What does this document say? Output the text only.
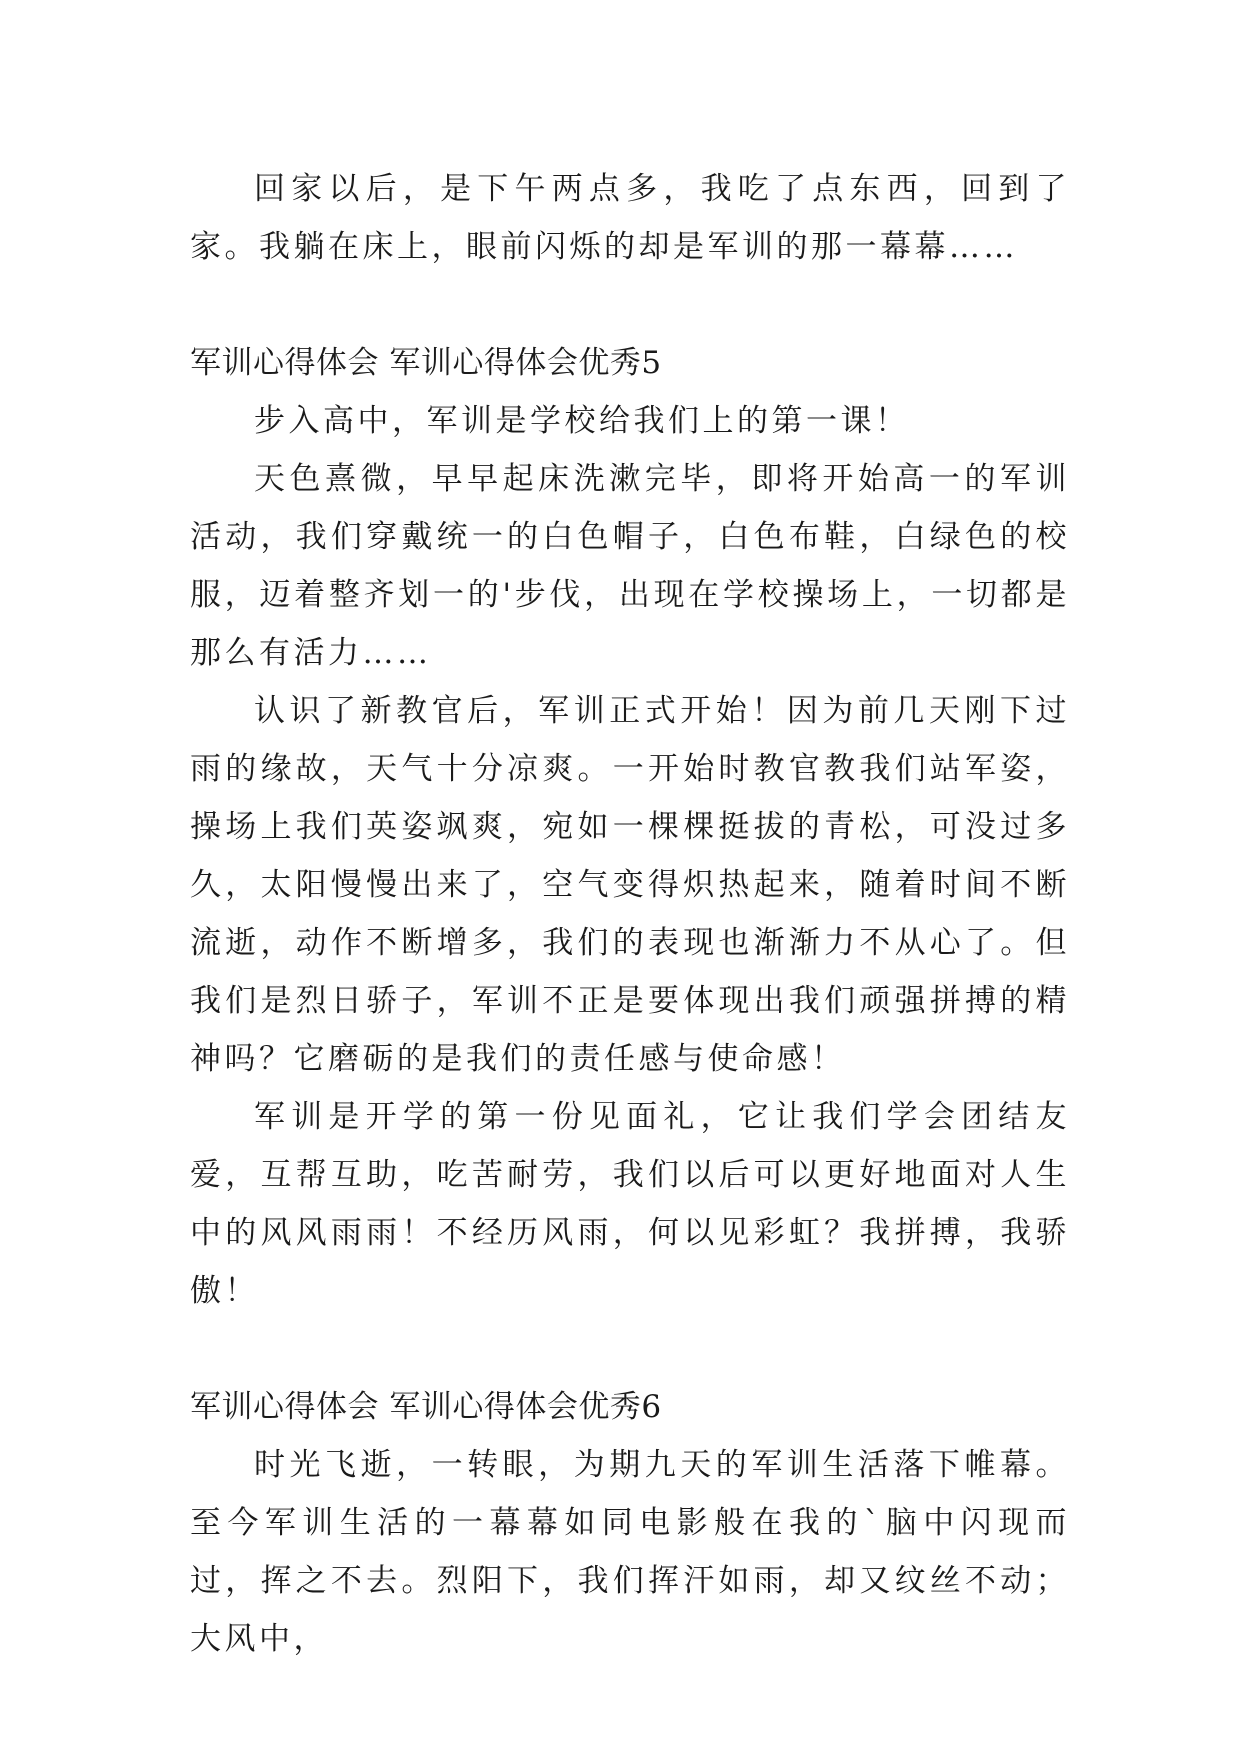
回家以后，是下午两点多，我吃了点东西，回到了家。我躺在床上，眼前闪烁的却是军训的那一幕幕……

军训心得体会 军训心得体会优秀5

步入高中，军训是学校给我们上的第一课！

天色熹微，早早起床洗漱完毕，即将开始高一的军训活动，我们穿戴统一的白色帽子，白色布鞋，白绿色的校服，迈着整齐划一的'步伐，出现在学校操场上，一切都是那么有活力……

认识了新教官后，军训正式开始！因为前几天刚下过雨的缘故，天气十分凉爽。一开始时教官教我们站军姿，操场上我们英姿飒爽，宛如一棵棵挺拔的青松，可没过多久，太阳慢慢出来了，空气变得炽热起来，随着时间不断流逝，动作不断增多，我们的表现也渐渐力不从心了。但我们是烈日骄子，军训不正是要体现出我们顽强拼搏的精神吗？它磨砺的是我们的责任感与使命感！

军训是开学的第一份见面礼，它让我们学会团结友爱，互帮互助，吃苦耐劳，我们以后可以更好地面对人生中的风风雨雨！不经历风雨，何以见彩虹？我拼搏，我骄傲！

军训心得体会 军训心得体会优秀6

时光飞逝，一转眼，为期九天的军训生活落下帷幕。至今军训生活的一幕幕如同电影般在我的`脑中闪现而过，挥之不去。烈阳下，我们挥汗如雨，却又纹丝不动；大风中，
